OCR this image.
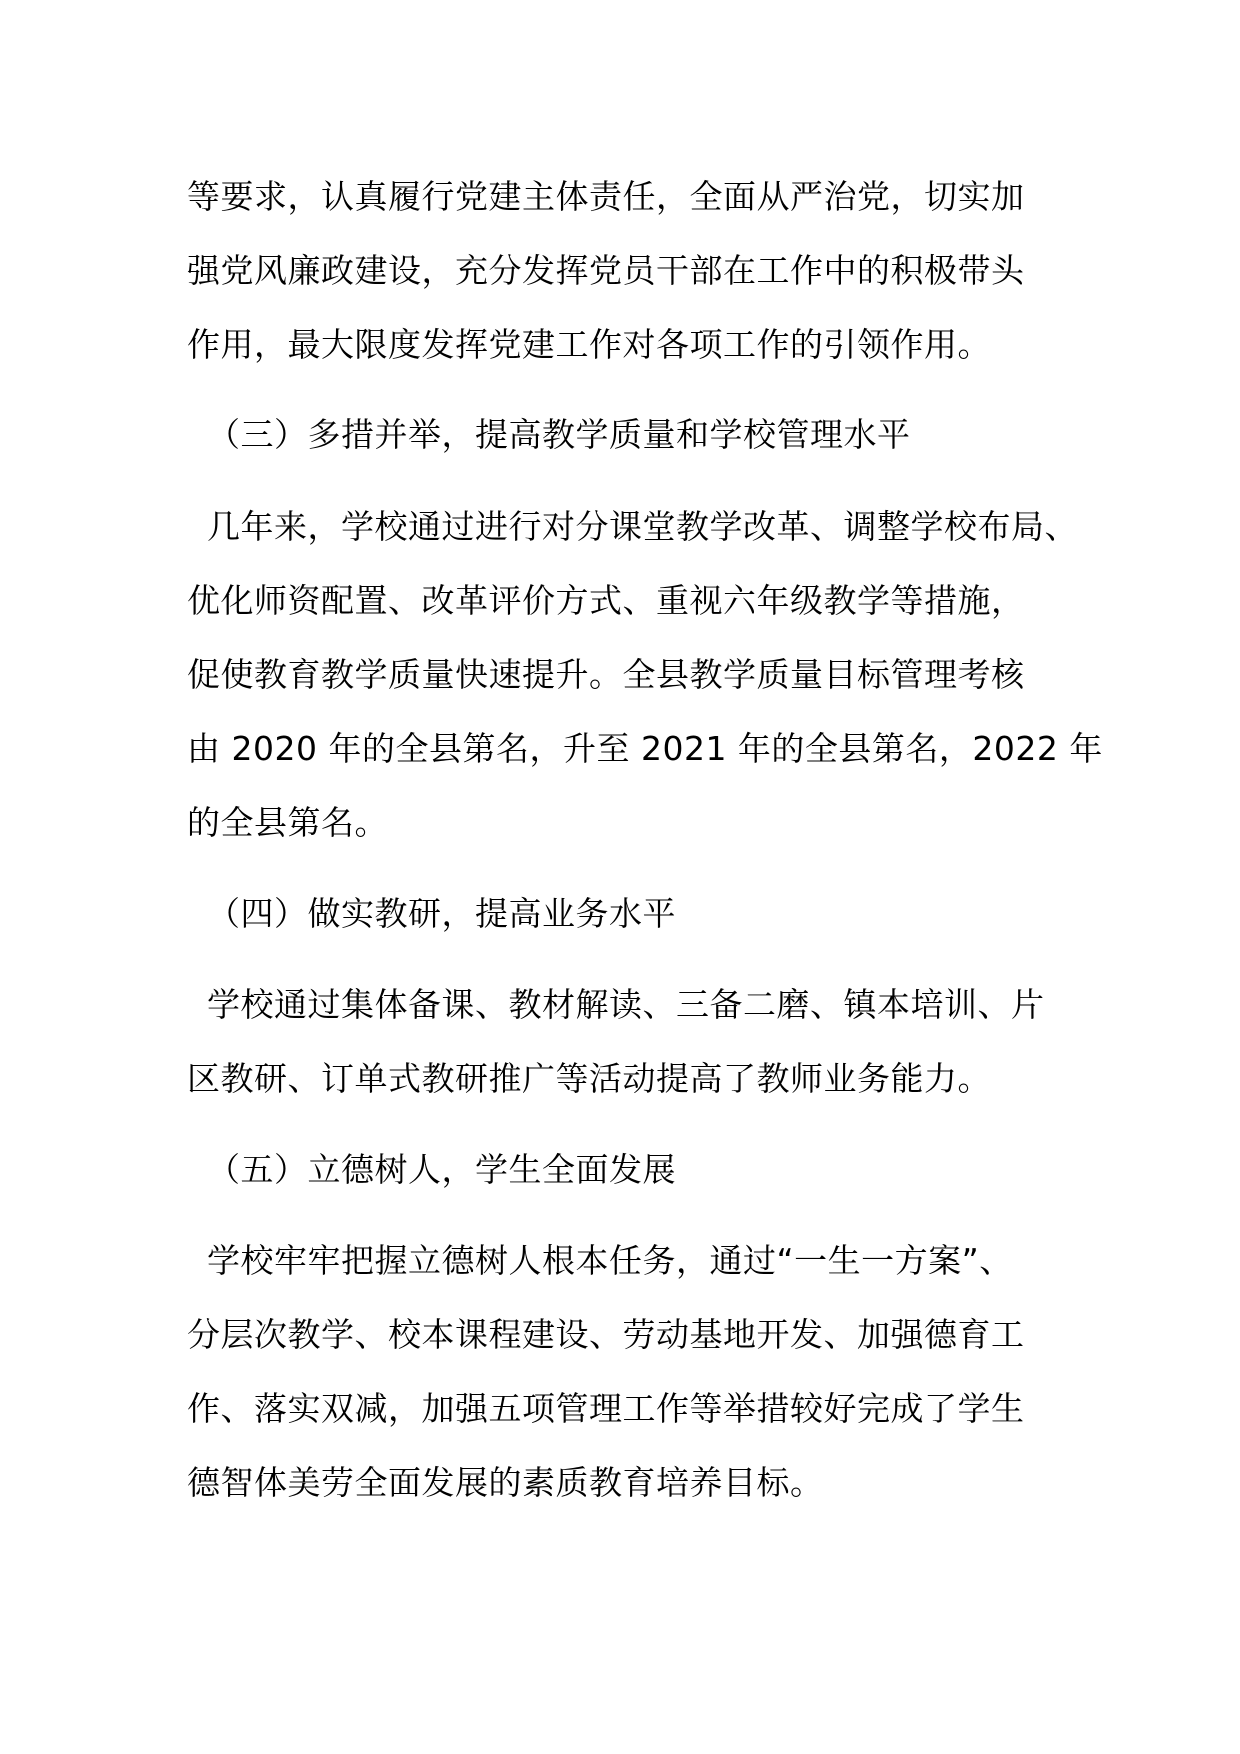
等要求，认真履行党建主体责任，全面从严治党，切实加
强党风廉政建设，充分发挥党员干部在工作中的积极带头
作用，最大限度发挥党建工作对各项工作的引领作用。
（三）多措并举，提高教学质量和学校管理水平
几年来，学校通过进行对分课堂教学改革、调整学校布局、
优化师资配置、改革评价方式、重视六年级教学等措施，
促使教育教学质量快速提升。全县教学质量目标管理考核
由 2020 年的全县第名，升至 2021 年的全县第名，2022 年
的全县第名。
（四）做实教研，提高业务水平
学校通过集体备课、教材解读、三备二磨、镇本培训、片
区教研、订单式教研推广等活动提高了教师业务能力。
（五）立德树人，学生全面发展
学校牢牢把握立德树人根本任务，通过“一生一方案”、
分层次教学、校本课程建设、劳动基地开发、加强德育工
作、落实双减，加强五项管理工作等举措较好完成了学生
德智体美劳全面发展的素质教育培养目标。
